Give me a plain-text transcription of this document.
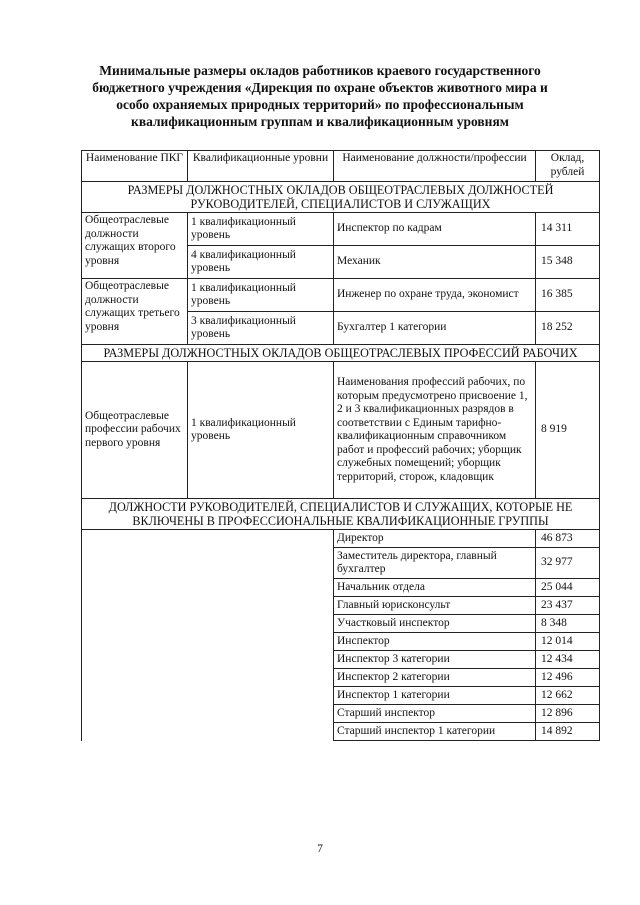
Минимальные размеры окладов работников краевого государственного
бюджетного учреждения «Дирекция по охране объектов животного мира и
особо охраняемых природных территорий» по профессиональным
квалификационным группам и квалификационным уровням
Наименование ПКГ	Квалификационные уровни	Наименование должности/профессии	Оклад, рублей
РАЗМЕРЫ ДОЛЖНОСТНЫХ ОКЛАДОВ ОБЩЕОТРАСЛЕВЫХ ДОЛЖНОСТЕЙ РУКОВОДИТЕЛЕЙ, СПЕЦИАЛИСТОВ И СЛУЖАЩИХ			
Общеотраслевые должности служащих второго уровня	1 квалификационный уровень	Инспектор по кадрам	14 311
	4 квалификационный уровень	Механик	15 348
Общеотраслевые должности служащих третьего уровня	1 квалификационный уровень	Инженер по охране труда, экономист	16 385
	3 квалификационный уровень	Бухгалтер 1 категории	18 252
РАЗМЕРЫ ДОЛЖНОСТНЫХ ОКЛАДОВ ОБЩЕОТРАСЛЕВЫХ ПРОФЕССИЙ РАБОЧИХ			
Общеотраслевые профессии рабочих первого уровня	1 квалификационный уровень	Наименования профессий рабочих, по которым предусмотрено присвоение 1, 2 и 3 квалификационных разрядов в соответствии с Единым тарифно-квалификационным справочником работ и профессий рабочих; уборщик служебных помещений; уборщик территорий, сторож, кладовщик	8 919
ДОЛЖНОСТИ РУКОВОДИТЕЛЕЙ, СПЕЦИАЛИСТОВ И СЛУЖАЩИХ, КОТОРЫЕ НЕ ВКЛЮЧЕНЫ В ПРОФЕССИОНАЛЬНЫЕ КВАЛИФИКАЦИОННЫЕ ГРУППЫ			
		Директор	46 873
		Заместитель директора, главный бухгалтер	32 977
		Начальник отдела	25 044
		Главный юрисконсульт	23 437
		Участковый инспектор	8 348
		Инспектор	12 014
		Инспектор 3 категории	12 434
		Инспектор 2 категории	12 496
		Инспектор 1 категории	12 662
		Старший инспектор	12 896
		Старший инспектор 1 категории	14 892
7
